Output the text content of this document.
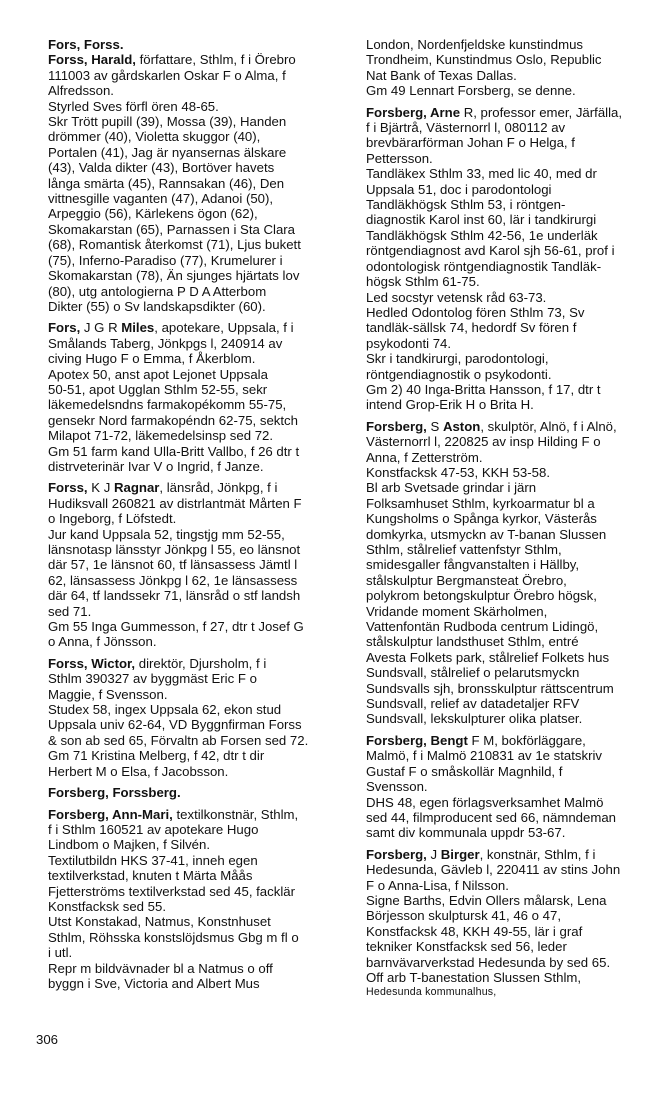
Fors, Forss.
Forss, Harald, författare, Sthlm, f i Örebro
111003 av gårdskarlen Oskar F o Alma, f
Alfredsson.
Styrled Sves förfl ören 48-65.
Skr Trött pupill (39), Mossa (39), Handen
drömmer (40), Violetta skuggor (40),
Portalen (41), Jag är nyansernas älskare
(43), Valda dikter (43), Bortöver havets
långa smärta (45), Rannsakan (46), Den
vittnesgille vaganten (47), Adanoi (50),
Arpeggio (56), Kärlekens ögon (62),
Skomakarstan (65), Parnassen i Sta Clara
(68), Romantisk återkomst (71), Ljus bukett
(75), Inferno-Paradiso (77), Krumelurer i
Skomakarstan (78), Än sjunges hjärtats lov
(80), utg antologierna P D A Atterbom
Dikter (55) o Sv landskapsdikter (60).
Fors, J G R Miles, apotekare, Uppsala, f i
Smålands Taberg, Jönkpgs l, 240914 av
civing Hugo F o Emma, f Åkerblom.
Apotex 50, anst apot Lejonet Uppsala
50-51, apot Ugglan Sthlm 52-55, sekr
läkemedelsndns farmakopékomm 55-75,
gensekr Nord farmakopéndn 62-75, sektch
Milapot 71-72, läkemedelsinsp sed 72.
Gm 51 farm kand Ulla-Britt Vallbo, f 26 dtr t
distrveterinär Ivar V o Ingrid, f Janze.
Forss, K J Ragnar, länsråd, Jönkpg, f i
Hudiksvall 260821 av distrlantmät Mårten F
o Ingeborg, f Löfstedt.
Jur kand Uppsala 52, tingstjg mm 52-55,
länsnotasp länsstyr Jönkpg l 55, eo länsnot
där 57, 1e länsnot 60, tf länsassess Jämtl l
62, länsassess Jönkpg l 62, 1e länsassess
där 64, tf landssekr 71, länsråd o stf landsh
sed 71.
Gm 55 Inga Gummesson, f 27, dtr t Josef G
o Anna, f Jönsson.
Forss, Wictor, direktör, Djursholm, f i
Sthlm 390327 av byggmäst Eric F o
Maggie, f Svensson.
Studex 58, ingex Uppsala 62, ekon stud
Uppsala univ 62-64, VD Byggnfirman Forss
& son ab sed 65, Förvaltn ab Forsen sed 72.
Gm 71 Kristina Melberg, f 42, dtr t dir
Herbert M o Elsa, f Jacobsson.
Forsberg, Forssberg.
Forsberg, Ann-Mari, textilkonstnär, Sthlm,
f i Sthlm 160521 av apotekare Hugo
Lindbom o Majken, f Silvén.
Textilutbildn HKS 37-41, inneh egen
textilverkstad, knuten t Märta Måås
Fjetterströms textilverkstad sed 45, facklär
Konstfacksk sed 55.
Utst Konstakad, Natmus, Konstnhuset
Sthlm, Röhsska konstslöjdsmus Gbg m fl o
i utl.
Repr m bildvävnader bl a Natmus o off
byggn i Sve, Victoria and Albert Mus
London, Nordenfjeldske kunstindmus
Trondheim, Kunstindmus Oslo, Republic
Nat Bank of Texas Dallas.
Gm 49 Lennart Forsberg, se denne.
Forsberg, Arne R, professor emer, Järfälla,
f i Bjärtrå, Västernorrl l, 080112 av
brevbärarförman Johan F o Helga, f
Pettersson.
Tandläkex Sthlm 33, med lic 40, med dr
Uppsala 51, doc i parodontologi
Tandläkhögsk Sthlm 53, i röntgen-
diagnostik Karol inst 60, lär i tandkirurgi
Tandläkhögsk Sthlm 42-56, 1e underläk
röntgendiagnost avd Karol sjh 56-61, prof i
odontologisk röntgendiagnostik Tandläk-
högsk Sthlm 61-75.
Led socstyr vetensk råd 63-73.
Hedled Odontolog fören Sthlm 73, Sv
tandläk-sällsk 74, hedordf Sv fören f
psykodonti 74.
Skr i tandkirurgi, parodontologi,
röntgendiagnostik o psykodonti.
Gm 2) 40 Inga-Britta Hansson, f 17, dtr t
intend Grop-Erik H o Brita H.
Forsberg, S Aston, skulptör, Alnö, f i Alnö,
Västernorrl l, 220825 av insp Hilding F o
Anna, f Zetterström.
Konstfacksk 47-53, KKH 53-58.
Bl arb Svetsade grindar i järn
Folksamhuset Sthlm, kyrkoarmatur bl a
Kungsholms o Spånga kyrkor, Västerås
domkyrka, utsmyckn av T-banan Slussen
Sthlm, stålrelief vattenfstyr Sthlm,
smidesgaller fångvanstalten i Hällby,
stålskulptur Bergmansteat Örebro,
polykrom betongskulptur Örebro högsk,
Vridande moment Skärholmen,
Vattenfontän Rudboda centrum Lidingö,
stålskulptur landsthuset Sthlm, entré
Avesta Folkets park, stålrelief Folkets hus
Sundsvall, stålrelief o pelarutsmyckn
Sundsvalls sjh, bronsskulptur rättscentrum
Sundsvall, relief av datadetaljer RFV
Sundsvall, lekskulpturer olika platser.
Forsberg, Bengt F M, bokförläggare,
Malmö, f i Malmö 210831 av 1e statskriv
Gustaf F o småskollär Magnhild, f
Svensson.
DHS 48, egen förlagsverksamhet Malmö
sed 44, filmproducent sed 66, nämndeman
samt div kommunala uppdr 53-67.
Forsberg, J Birger, konstnär, Sthlm, f i
Hedesunda, Gävleb l, 220411 av stins John
F o Anna-Lisa, f Nilsson.
Signe Barths, Edvin Ollers målarsk, Lena
Börjesson skulptursk 41, 46 o 47,
Konstfacksk 48, KKH 49-55, lär i graf
tekniker Konstfacksk sed 56, leder
barnvävarverkstad Hedesunda by sed 65.
Off arb T-banestation Slussen Sthlm,
Hedesunda kommunalhus,
306
